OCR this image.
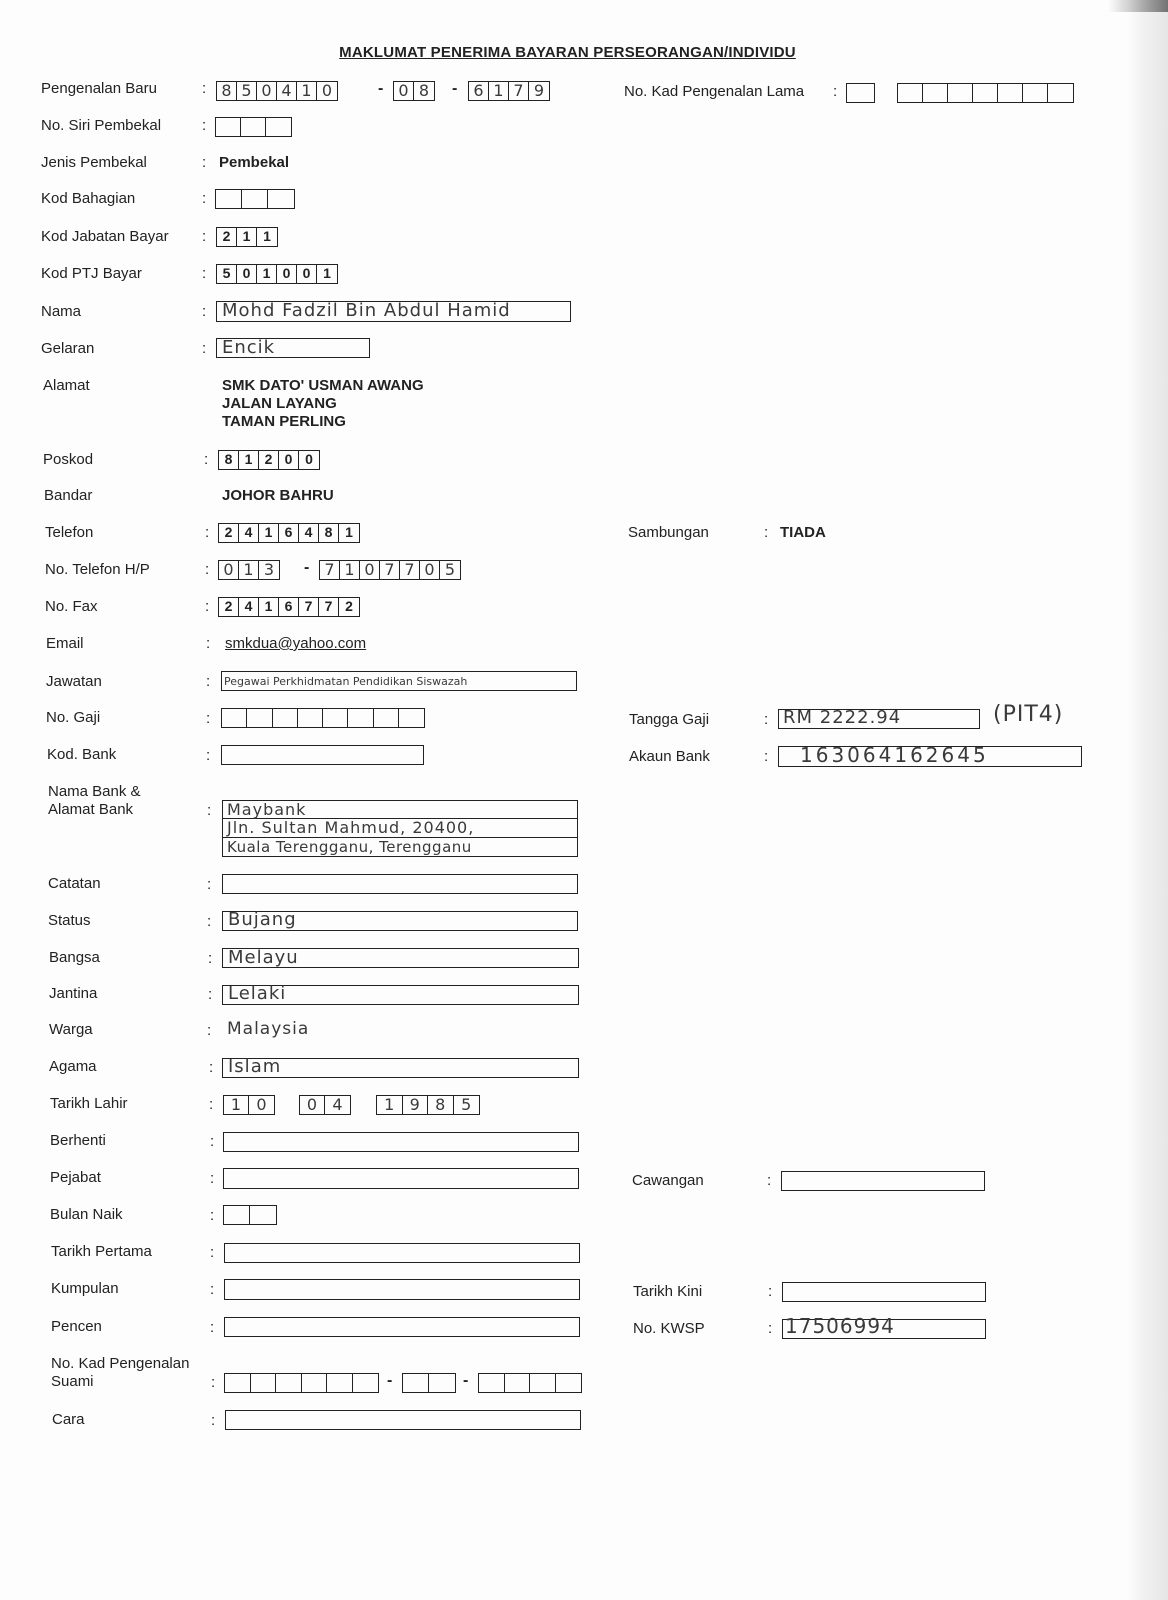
MAKLUMAT PENERIMA BAYARAN PERSEORANGAN/INDIVIDU
Pengenalan Baru	: 8 5 0 4 1 0	- 0 8	- 6 1 7 9	No. Kad Pengenalan Lama :
No. Siri Pembekal	:
Jenis Pembekal	: Pembekal
Kod Bahagian	:
Kod Jabatan Bayar :	2 1 1
Kod PTJ Bayar	:	5 0 1 0 0 1
Nama	: Mohd Fadzil Bin Abdul Hamid
Gelaran	: Encik
Alamat	SMK DATO' USMAN AWANG
JALAN LAYANG
TAMAN PERLING
Poskod	:	8 1 2 0 0
Bandar	JOHOR BAHRU
Telefon	:	2 4 1 6 4 8 1	Sambungan	: TIADA
No. Telefon H/P	: 0 1 3	- 7 1 0 7 7 0 5
No. Fax	:	2 4 1 6 7 7 2
Email	: smkdua@yahoo.com
Jawatan	: Pegawai Perkhidmatan Pendidikan Siswazah
No. Gaji	:	Tangga Gaji	: RM 2222.94	(PIT4)
Kod. Bank	:	Akaun Bank	: 163064162645
Nama Bank &
Alamat Bank	: Maybank
Jln. Sultan Mahmud, 20400,
Kuala Terengganu, Terengganu
Catatan	:
Status	: Bujang
Bangsa	: Melayu
Jantina	: Lelaki
Warga	: Malaysia
Agama	: Islam
Tarikh Lahir	:	1 0	0 4	1 9 8 5
Berhenti	:
Pejabat	:	Cawangan	:
Bulan Naik	:
Tarikh Pertama	:
Kumpulan	:	Tarikh Kini	:
Pencen	:	No. KWSP	: 17506994
No. Kad Pengenalan
Suami	:	-	-
Cara	:
